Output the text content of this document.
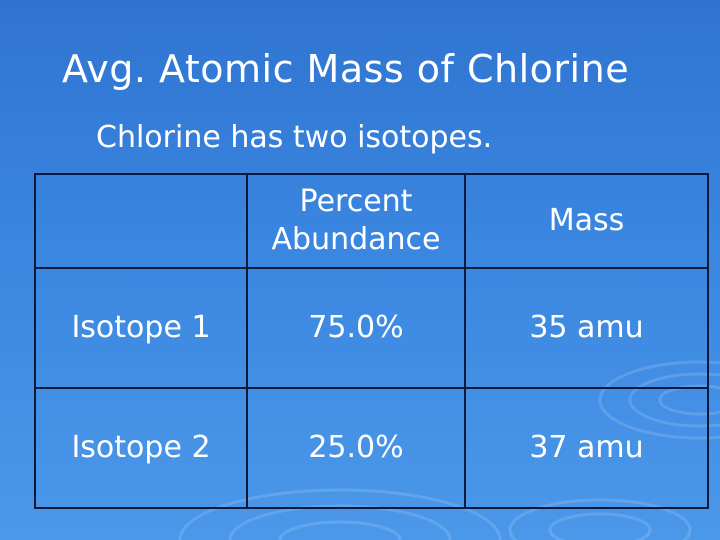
Avg. Atomic Mass of Chlorine
Chlorine has two isotopes.
	Percent Abundance	Mass
Isotope 1	75.0%	35 amu
Isotope 2	25.0%	37 amu
